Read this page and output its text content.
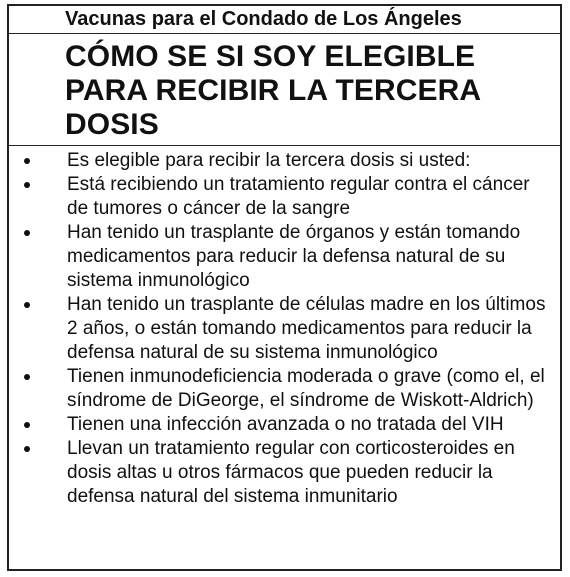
Vacunas para el Condado de Los Ángeles
CÓMO SE SI SOY ELEGIBLE
PARA RECIBIR LA TERCERA
DOSIS
Es elegible para recibir la tercera dosis si usted:
Está recibiendo un tratamiento regular contra el cáncer de tumores o cáncer de la sangre
Han tenido un trasplante de órganos y están tomando medicamentos para reducir la defensa natural de su sistema inmunológico
Han tenido un trasplante de células madre en los últimos 2 años, o están tomando medicamentos para reducir la defensa natural de su sistema inmunológico
Tienen inmunodeficiencia moderada o grave (como el, el síndrome de DiGeorge, el síndrome de Wiskott-Aldrich)
Tienen una infección avanzada o no tratada del VIH
Llevan un tratamiento regular con corticosteroides en dosis altas u otros fármacos que pueden reducir la defensa natural del sistema inmunitario
